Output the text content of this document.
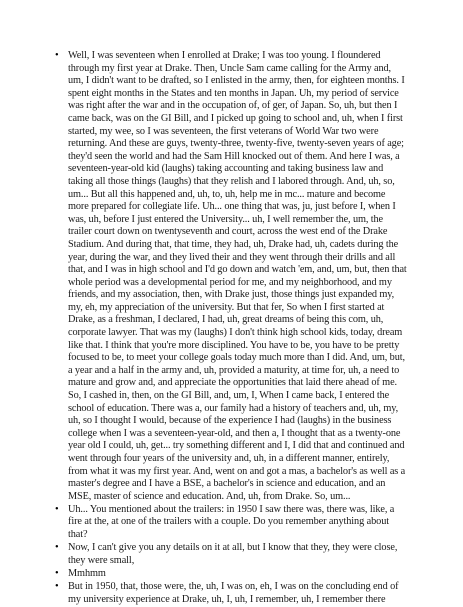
• Well, I was seventeen when I enrolled at Drake; I was too young. I floundered through my first year at Drake. Then, Uncle Sam came calling for the Army and, um, I didn't want to be drafted, so I enlisted in the army, then, for eighteen months. I spent eight months in the States and ten months in Japan. Uh, my period of service was right after the war and in the occupation of, of ger, of Japan. So, uh, but then I came back, was on the GI Bill, and I picked up going to school and, uh, when I first started, my wee, so I was seventeen, the first veterans of World War two were returning. And these are guys, twenty-three, twenty-five, twenty-seven years of age; they'd seen the world and had the Sam Hill knocked out of them. And here I was, a seventeen-year-old kid (laughs) taking accounting and taking business law and taking all those things (laughs) that they relish and I labored through. And, uh, so, um... But all this happened and, uh, to, uh, help me in mc... mature and become more prepared for collegiate life. Uh... one thing that was, ju, just before I, when I was, uh, before I just entered the University... uh, I well remember the, um, the trailer court down on twentyseventh and court, across the west end of the Drake Stadium. And during that, that time, they had, uh, Drake had, uh, cadets during the year, during the war, and they lived their and they went through their drills and all that, and I was in high school and I'd go down and watch 'em, and, um, but, then that whole period was a developmental period for me, and my neighborhood, and my friends, and my association, then, with Drake just, those things just expanded my, my, eh, my appreciation of the university. But that fer, So when I first started at Drake, as a freshman, I declared, I had, uh, great dreams of being this com, uh, corporate lawyer. That was my (laughs) I don't think high school kids, today, dream like that. I think that you're more disciplined. You have to be, you have to be pretty focused to be, to meet your college goals today much more than I did. And, um, but, a year and a half in the army and, uh, provided a maturity, at time for, uh, a need to mature and grow and, and appreciate the opportunities that laid there ahead of me. So, I cashed in, then, on the GI Bill, and, um, I, When I came back, I entered the school of education. There was a, our family had a history of teachers and, uh, my, uh, so I thought I would, because of the experience I had (laughs) in the business college when I was a seventeen-year-old, and then a, I thought that as a twenty-one year old I could, uh, get... try something different and I, I did that and continued and went through four years of the university and, uh, in a different manner, entirely, from what it was my first year. And, went on and got a mas, a bachelor's as well as a master's degree and I have a BSE, a bachelor's in science and education, and an MSE, master of science and education. And, uh, from Drake. So, um...
• Uh... You mentioned about the trailers: in 1950 I saw there was, there was, like, a fire at the, at one of the trailers with a couple. Do you remember anything about that?
• Now, I can't give you any details on it at all, but I know that they, they were close, they were small,
• Mmhmm
• But in 1950, that, those were, the, uh, I was on, eh, I was on the concluding end of my university experience at Drake, uh, I, uh, I remember, uh, I remember there
